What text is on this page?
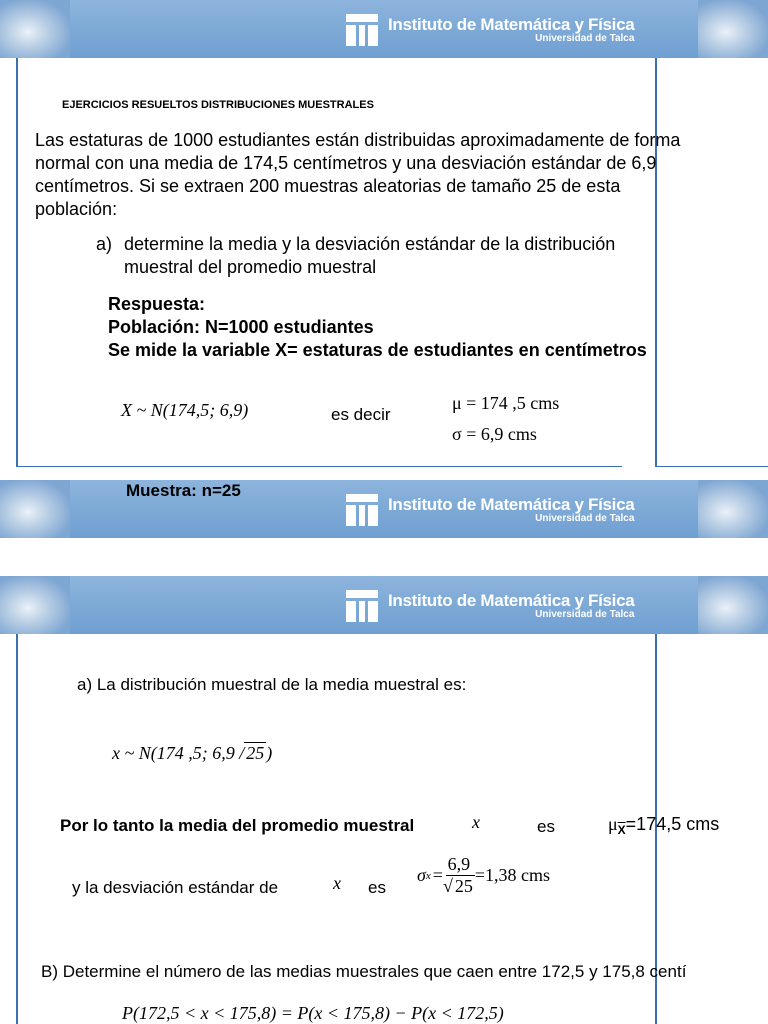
Instituto de Matemática y Física
Universidad de Talca
EJERCICIOS RESUELTOS DISTRIBUCIONES MUESTRALES
Las estaturas de 1000 estudiantes están distribuidas aproximadamente de forma
normal con una media de 174,5 centímetros y una desviación estándar de 6,9
centímetros. Si se extraen 200 muestras aleatorias de tamaño 25 de esta
población:
a) determine la media y la desviación estándar de la distribución
muestral del promedio muestral
Respuesta:
Población: N=1000 estudiantes
Se mide la variable X= estaturas de estudiantes en centímetros
X ~ N(174,5; 6,9)	es decir
μ = 174 ,5 cms
σ = 6,9 cms
Instituto de Matemática y Física
Universidad de Talca
Muestra: n=25
Instituto de Matemática y Física
Universidad de Talca
a) La distribución muestral de la media muestral es:
x ~ N(174 ,5; 6,9 / 25 )
Por lo tanto la media del promedio muestral	x	es	$\mu_{\overline{X}}=174,5$ cms
y la desviación estándar de	x es
σ $x = \frac{6,9}{√ 25} =1,38$ cms
B) Determine el número de las medias muestrales que caen entre 172,5 y 175,8 centí
P(172,5 < x < 175,8) = P(x < 175,8) − P(x < 172,5)
